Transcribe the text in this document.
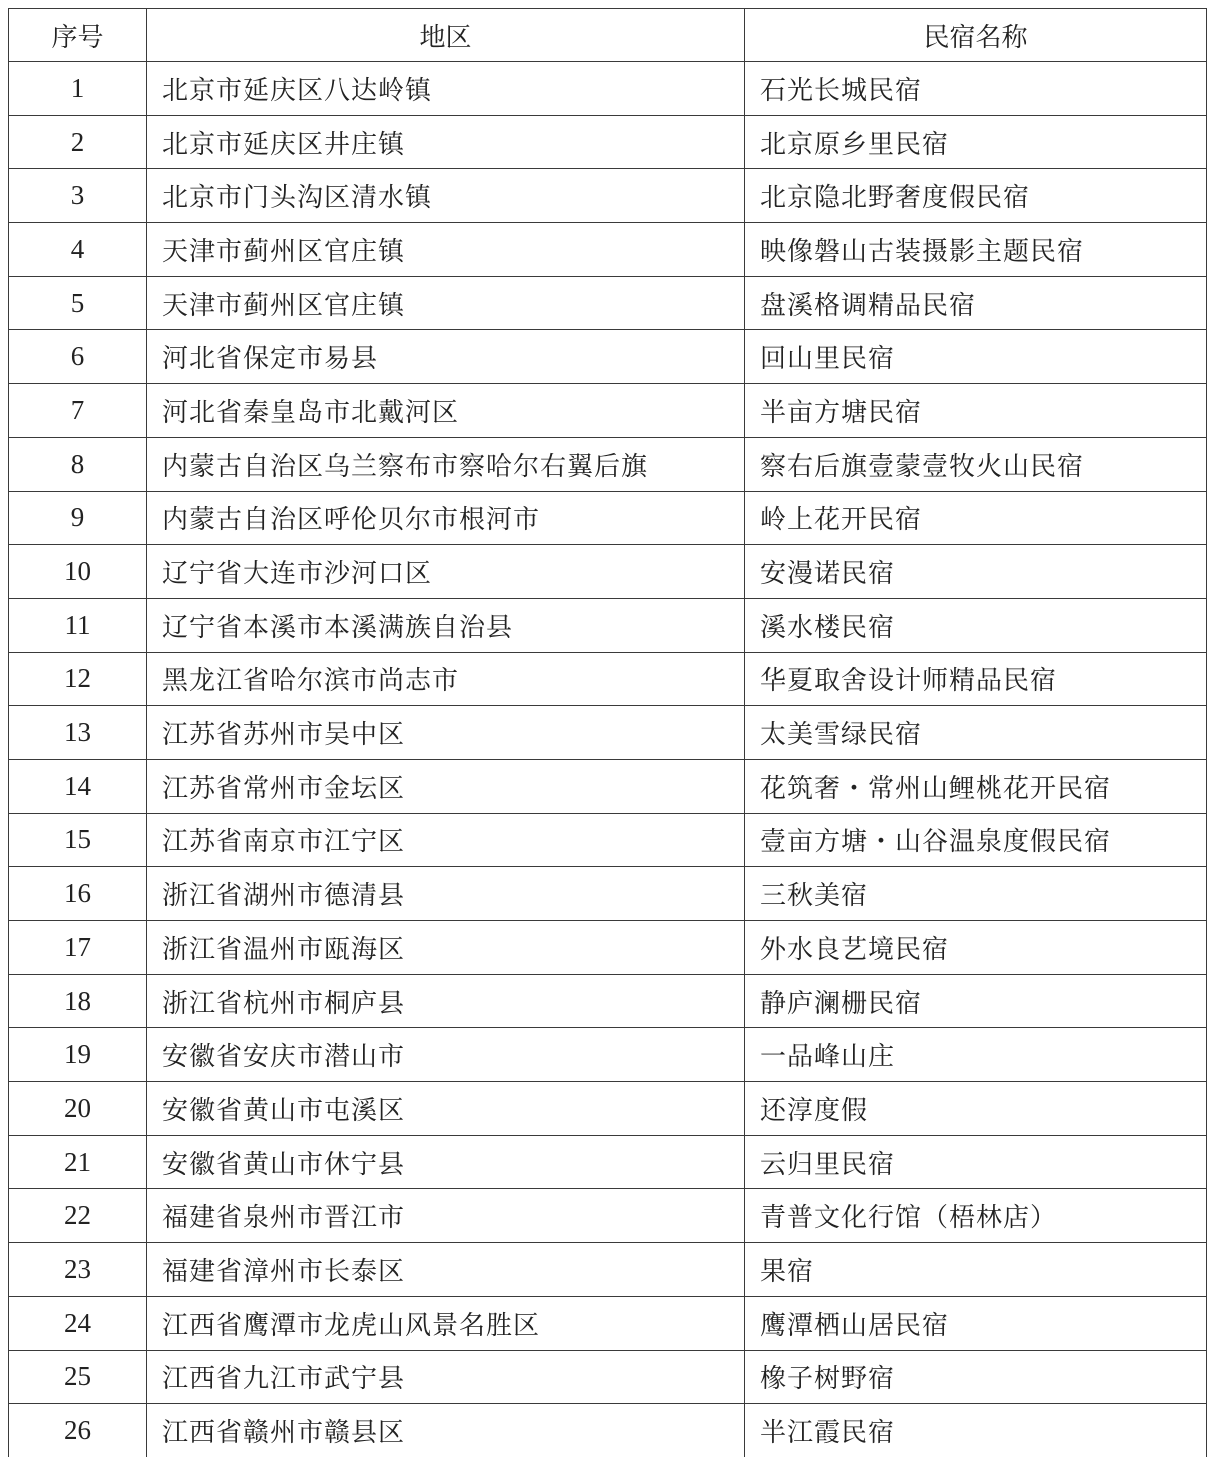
序号	地区	民宿名称
1	北京市延庆区八达岭镇	石光长城民宿
2	北京市延庆区井庄镇	北京原乡里民宿
3	北京市门头沟区清水镇	北京隐北野奢度假民宿
4	天津市蓟州区官庄镇	映像磐山古装摄影主题民宿
5	天津市蓟州区官庄镇	盘溪格调精品民宿
6	河北省保定市易县	回山里民宿
7	河北省秦皇岛市北戴河区	半亩方塘民宿
8	内蒙古自治区乌兰察布市察哈尔右翼后旗	察右后旗壹蒙壹牧火山民宿
9	内蒙古自治区呼伦贝尔市根河市	岭上花开民宿
10	辽宁省大连市沙河口区	安漫诺民宿
11	辽宁省本溪市本溪满族自治县	溪水楼民宿
12	黑龙江省哈尔滨市尚志市	华夏取舍设计师精品民宿
13	江苏省苏州市吴中区	太美雪绿民宿
14	江苏省常州市金坛区	花筑奢・常州山鲤桃花开民宿
15	江苏省南京市江宁区	壹亩方塘・山谷温泉度假民宿
16	浙江省湖州市德清县	三秋美宿
17	浙江省温州市瓯海区	外水良艺境民宿
18	浙江省杭州市桐庐县	静庐澜栅民宿
19	安徽省安庆市潜山市	一品峰山庄
20	安徽省黄山市屯溪区	还淳度假
21	安徽省黄山市休宁县	云归里民宿
22	福建省泉州市晋江市	青普文化行馆（梧林店）
23	福建省漳州市长泰区	果宿
24	江西省鹰潭市龙虎山风景名胜区	鹰潭栖山居民宿
25	江西省九江市武宁县	橡子树野宿
26	江西省赣州市赣县区	半江霞民宿
